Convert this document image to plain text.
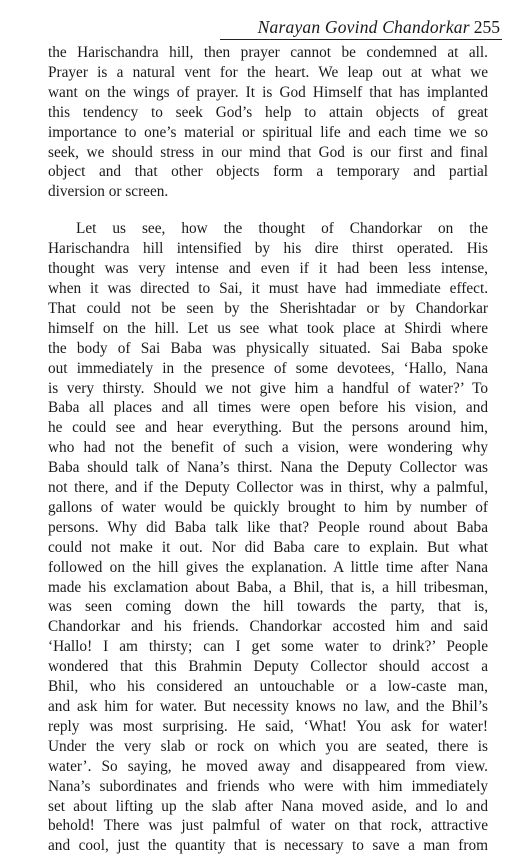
Narayan Govind Chandorkar 255
the Harischandra hill, then prayer cannot be condemned at all.
Prayer is a natural vent for the heart. We leap out at what we
want on the wings of prayer. It is God Himself that has implanted
this tendency to seek God’s help to attain objects of great
importance to one’s material or spiritual life and each time we so
seek, we should stress in our mind that God is our first and final
object and that other objects form a temporary and partial
diversion or screen.
Let us see, how the thought of Chandorkar on the
Harischandra hill intensified by his dire thirst operated. His
thought was very intense and even if it had been less intense,
when it was directed to Sai, it must have had immediate effect.
That could not be seen by the Sherishtadar or by Chandorkar
himself on the hill. Let us see what took place at Shirdi where
the body of Sai Baba was physically situated. Sai Baba spoke
out immediately in the presence of some devotees, ‘Hallo, Nana
is very thirsty. Should we not give him a handful of water?’ To
Baba all places and all times were open before his vision, and
he could see and hear everything. But the persons around him,
who had not the benefit of such a vision, were wondering why
Baba should talk of Nana’s thirst. Nana the Deputy Collector was
not there, and if the Deputy Collector was in thirst, why a palmful,
gallons of water would be quickly brought to him by number of
persons. Why did Baba talk like that? People round about Baba
could not make it out. Nor did Baba care to explain. But what
followed on the hill gives the explanation. A little time after Nana
made his exclamation about Baba, a Bhil, that is, a hill tribesman,
was seen coming down the hill towards the party, that is,
Chandorkar and his friends. Chandorkar accosted him and said
‘Hallo! I am thirsty; can I get some water to drink?’ People
wondered that this Brahmin Deputy Collector should accost a
Bhil, who his considered an untouchable or a low-caste man,
and ask him for water. But necessity knows no law, and the Bhil’s
reply was most surprising. He said, ‘What! You ask for water!
Under the very slab or rock on which you are seated, there is
water’. So saying, he moved away and disappeared from view.
Nana’s subordinates and friends who were with him immediately
set about lifting up the slab after Nana moved aside, and lo and
behold! There was just palmful of water on that rock, attractive
and cool, just the quantity that is necessary to save a man from
